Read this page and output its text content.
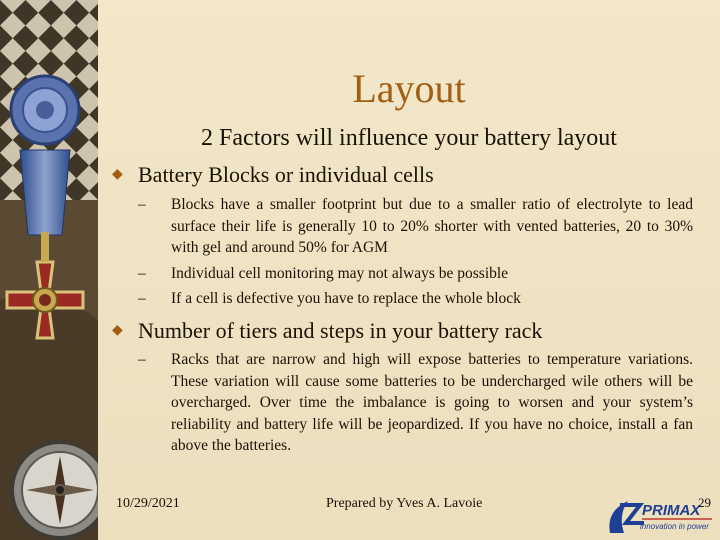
Layout
2 Factors will influence your battery layout
◆ Battery Blocks or individual cells
–	Blocks have a smaller footprint but due to a smaller ratio of electrolyte to lead surface their life is generally 10 to 20% shorter with vented batteries, 20 to 30% with gel and around 50% for AGM
–	Individual cell monitoring may not always be possible
–	If a cell is defective you have to replace the whole block
◆ Number of tiers and steps in your battery rack
–	Racks that are narrow and high will expose batteries to temperature variations. These variation will cause some batteries to be undercharged wile others will be overcharged. Over time the imbalance is going to worsen and your system’s reliability and battery life will be jeopardized. If you have no choice, install a fan above the batteries.
10/29/2021	Prepared by Yves A. Lavoie	PRIMAX
innovation in power
29
